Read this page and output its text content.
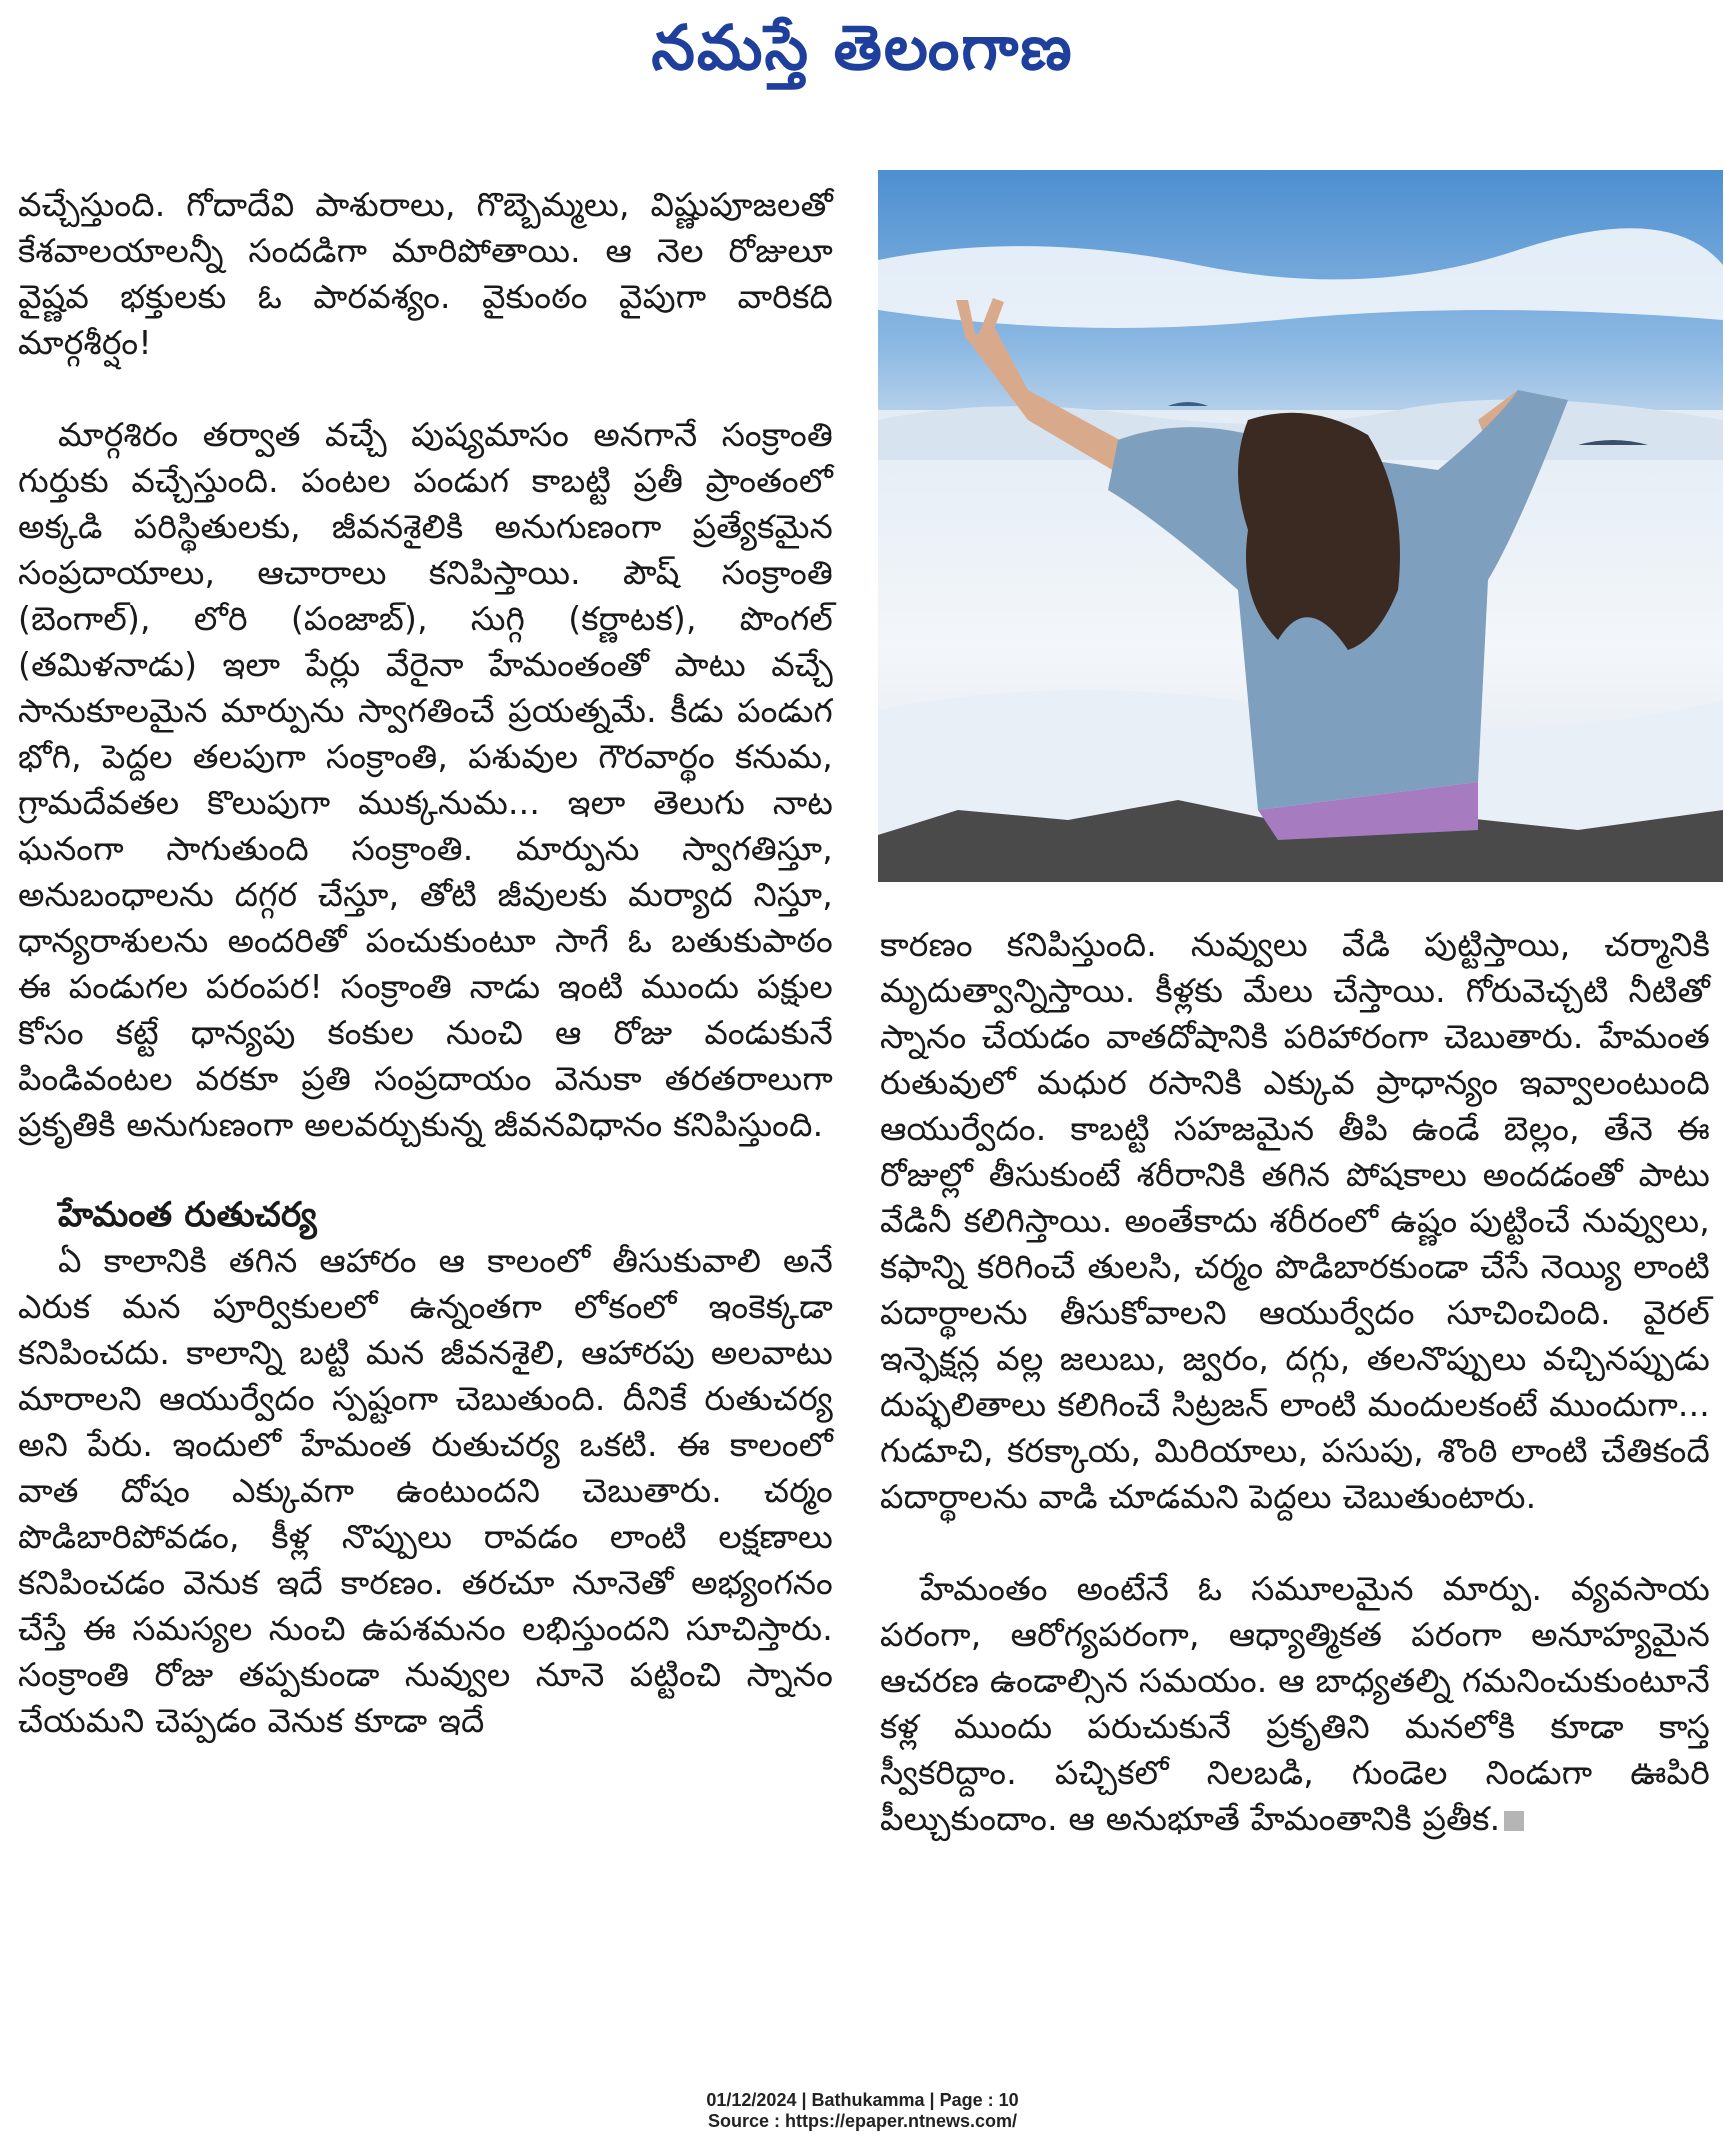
నమస్తే తెలంగాణ

వచ్చేస్తుంది. గోదాదేవి పాశురాలు, గొబ్బెమ్మలు, విష్ణుపూజలతో కేశవాలయాలన్నీ సందడిగా మారిపోతాయి. ఆ నెల రోజులూ వైష్ణవ భక్తులకు ఓ పారవశ్యం. వైకుంఠం వైపుగా వారికది మార్గశీర్షం!

మార్గశిరం తర్వాత వచ్చే పుష్యమాసం అనగానే సంక్రాంతి గుర్తుకు వచ్చేస్తుంది. పంటల పండుగ కాబట్టి ప్రతీ ప్రాంతంలో అక్కడి పరిస్థితులకు, జీవనశైలికి అనుగుణంగా ప్రత్యేకమైన సంప్రదాయాలు, ఆచారాలు కనిపిస్తాయి. పౌష్ సంక్రాంతి (బెంగాల్), లోరి (పంజాబ్), సుగ్గి (కర్ణాటక), పొంగల్ (తమిళనాడు) ఇలా పేర్లు వేరైనా హేమంతంతో పాటు వచ్చే సానుకూలమైన మార్పును స్వాగతించే ప్రయత్నమే. కీడు పండుగ భోగి, పెద్దల తలపుగా సంక్రాంతి, పశువుల గౌరవార్థం కనుమ, గ్రామదేవతల కొలుపుగా ముక్కనుమ... ఇలా తెలుగు నాట ఘనంగా సాగుతుంది సంక్రాంతి. మార్పును స్వాగతిస్తూ, అనుబంధాలను దగ్గర చేస్తూ, తోటి జీవులకు మర్యాద నిస్తూ, ధాన్యరాశులను అందరితో పంచుకుంటూ సాగే ఓ బతుకుపాఠం ఈ పండుగల పరంపర! సంక్రాంతి నాడు ఇంటి ముందు పక్షుల కోసం కట్టే ధాన్యపు కంకుల నుంచి ఆ రోజు వండుకునే పిండివంటల వరకూ ప్రతి సంప్రదాయం వెనుకా తరతరాలుగా ప్రకృతికి అనుగుణంగా అలవర్చుకున్న జీవనవిధానం కనిపిస్తుంది.

హేమంత రుతుచర్య

ఏ కాలానికి తగిన ఆహారం ఆ కాలంలో తీసుకువాలి అనే ఎరుక మన పూర్వికులలో ఉన్నంతగా లోకంలో ఇంకెక్కడా కనిపించదు. కాలాన్ని బట్టి మన జీవనశైలి, ఆహారపు అలవాటు మారాలని ఆయుర్వేదం స్పష్టంగా చెబుతుంది. దీనికే రుతుచర్య అని పేరు. ఇందులో హేమంత రుతుచర్య ఒకటి. ఈ కాలంలో వాత దోషం ఎక్కువగా ఉంటుందని చెబుతారు. చర్మం పొడిబారిపోవడం, కీళ్ల నొప్పులు రావడం లాంటి లక్షణాలు కనిపించడం వెనుక ఇదే కారణం. తరచూ నూనెతో అభ్యంగనం చేస్తే ఈ సమస్యల నుంచి ఉపశమనం లభిస్తుందని సూచిస్తారు. సంక్రాంతి రోజు తప్పకుండా నువ్వుల నూనె పట్టించి స్నానం చేయమని చెప్పడం వెనుక కూడా ఇదే

కారణం కనిపిస్తుంది. నువ్వులు వేడి పుట్టిస్తాయి, చర్మానికి మృదుత్వాన్నిస్తాయి. కీళ్లకు మేలు చేస్తాయి. గోరువెచ్చటి నీటితో స్నానం చేయడం వాతదోషానికి పరిహారంగా చెబుతారు. హేమంత రుతువులో మధుర రసానికి ఎక్కువ ప్రాధాన్యం ఇవ్వాలంటుంది ఆయుర్వేదం. కాబట్టి సహజమైన తీపి ఉండే బెల్లం, తేనె ఈ రోజుల్లో తీసుకుంటే శరీరానికి తగిన పోషకాలు అందడంతో పాటు వేడినీ కలిగిస్తాయి. అంతేకాదు శరీరంలో ఉష్ణం పుట్టించే నువ్వులు, కఫాన్ని కరిగించే తులసి, చర్మం పొడిబారకుండా చేసే నెయ్యి లాంటి పదార్థాలను తీసుకోవాలని ఆయుర్వేదం సూచించింది. వైరల్ ఇన్ఫెక్షన్ల వల్ల జలుబు, జ్వరం, దగ్గు, తలనొప్పులు వచ్చినప్పుడు దుష్ఫలితాలు కలిగించే సిట్రజన్ లాంటి మందులకంటే ముందుగా... గుడూచి, కరక్కాయ, మిరియాలు, పసుపు, శొంఠి లాంటి చేతికందే పదార్థాలను వాడి చూడమని పెద్దలు చెబుతుంటారు.

హేమంతం అంటేనే ఓ సమూలమైన మార్పు. వ్యవసాయ పరంగా, ఆరోగ్యపరంగా, ఆధ్యాత్మికత పరంగా అనూహ్యమైన ఆచరణ ఉండాల్సిన సమయం. ఆ బాధ్యతల్ని గమనించుకుంటూనే కళ్ల ముందు పరుచుకునే ప్రకృతిని మనలోకి కూడా కాస్త స్వీకరిద్దాం. పచ్చికలో నిలబడి, గుండెల నిండుగా ఊపిరి పీల్చుకుందాం. ఆ అనుభూతే హేమంతానికి ప్రతీక.

01/12/2024 | Bathukamma | Page : 10
Source : https://epaper.ntnews.com/
